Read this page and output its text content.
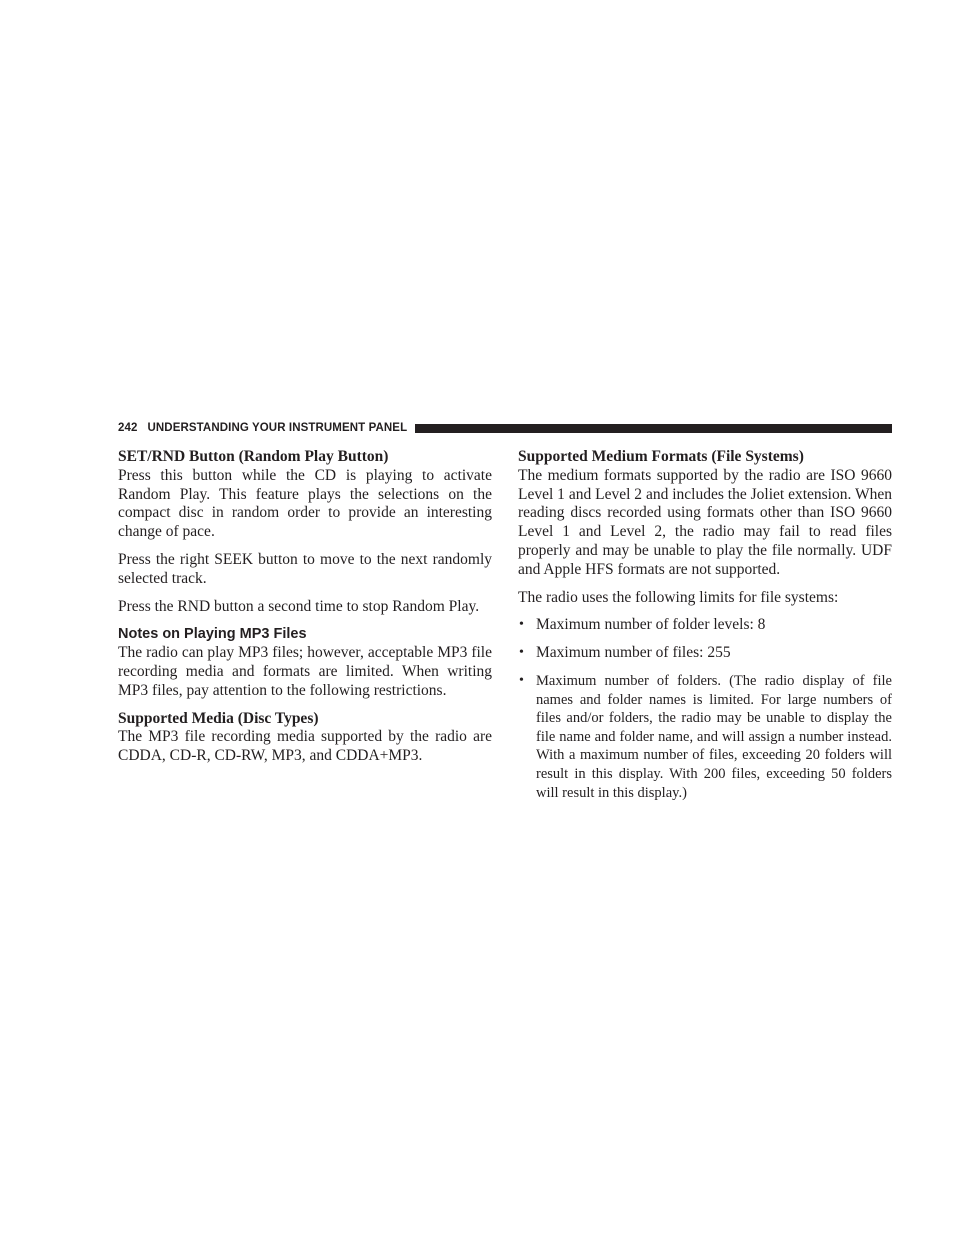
242 UNDERSTANDING YOUR INSTRUMENT PANEL
SET/RND Button (Random Play Button)

Press this button while the CD is playing to activate Random Play. This feature plays the selections on the compact disc in random order to provide an interesting change of pace.

Press the right SEEK button to move to the next randomly selected track.

Press the RND button a second time to stop Random Play.

Notes on Playing MP3 Files

The radio can play MP3 files; however, acceptable MP3 file recording media and formats are limited. When writing MP3 files, pay attention to the following restrictions.

Supported Media (Disc Types)

The MP3 file recording media supported by the radio are CDDA, CD-R, CD-RW, MP3, and CDDA+MP3.

Supported Medium Formats (File Systems)

The medium formats supported by the radio are ISO 9660 Level 1 and Level 2 and includes the Joliet extension. When reading discs recorded using formats other than ISO 9660 Level 1 and Level 2, the radio may fail to read files properly and may be unable to play the file normally. UDF and Apple HFS formats are not supported.

The radio uses the following limits for file systems:

• Maximum number of folder levels: 8
• Maximum number of files: 255
• Maximum number of folders. (The radio display of file names and folder names is limited. For large numbers of files and/or folders, the radio may be unable to display the file name and folder name, and will assign a number instead. With a maximum number of files, exceeding 20 folders will result in this display. With 200 files, exceeding 50 folders will result in this display.)
